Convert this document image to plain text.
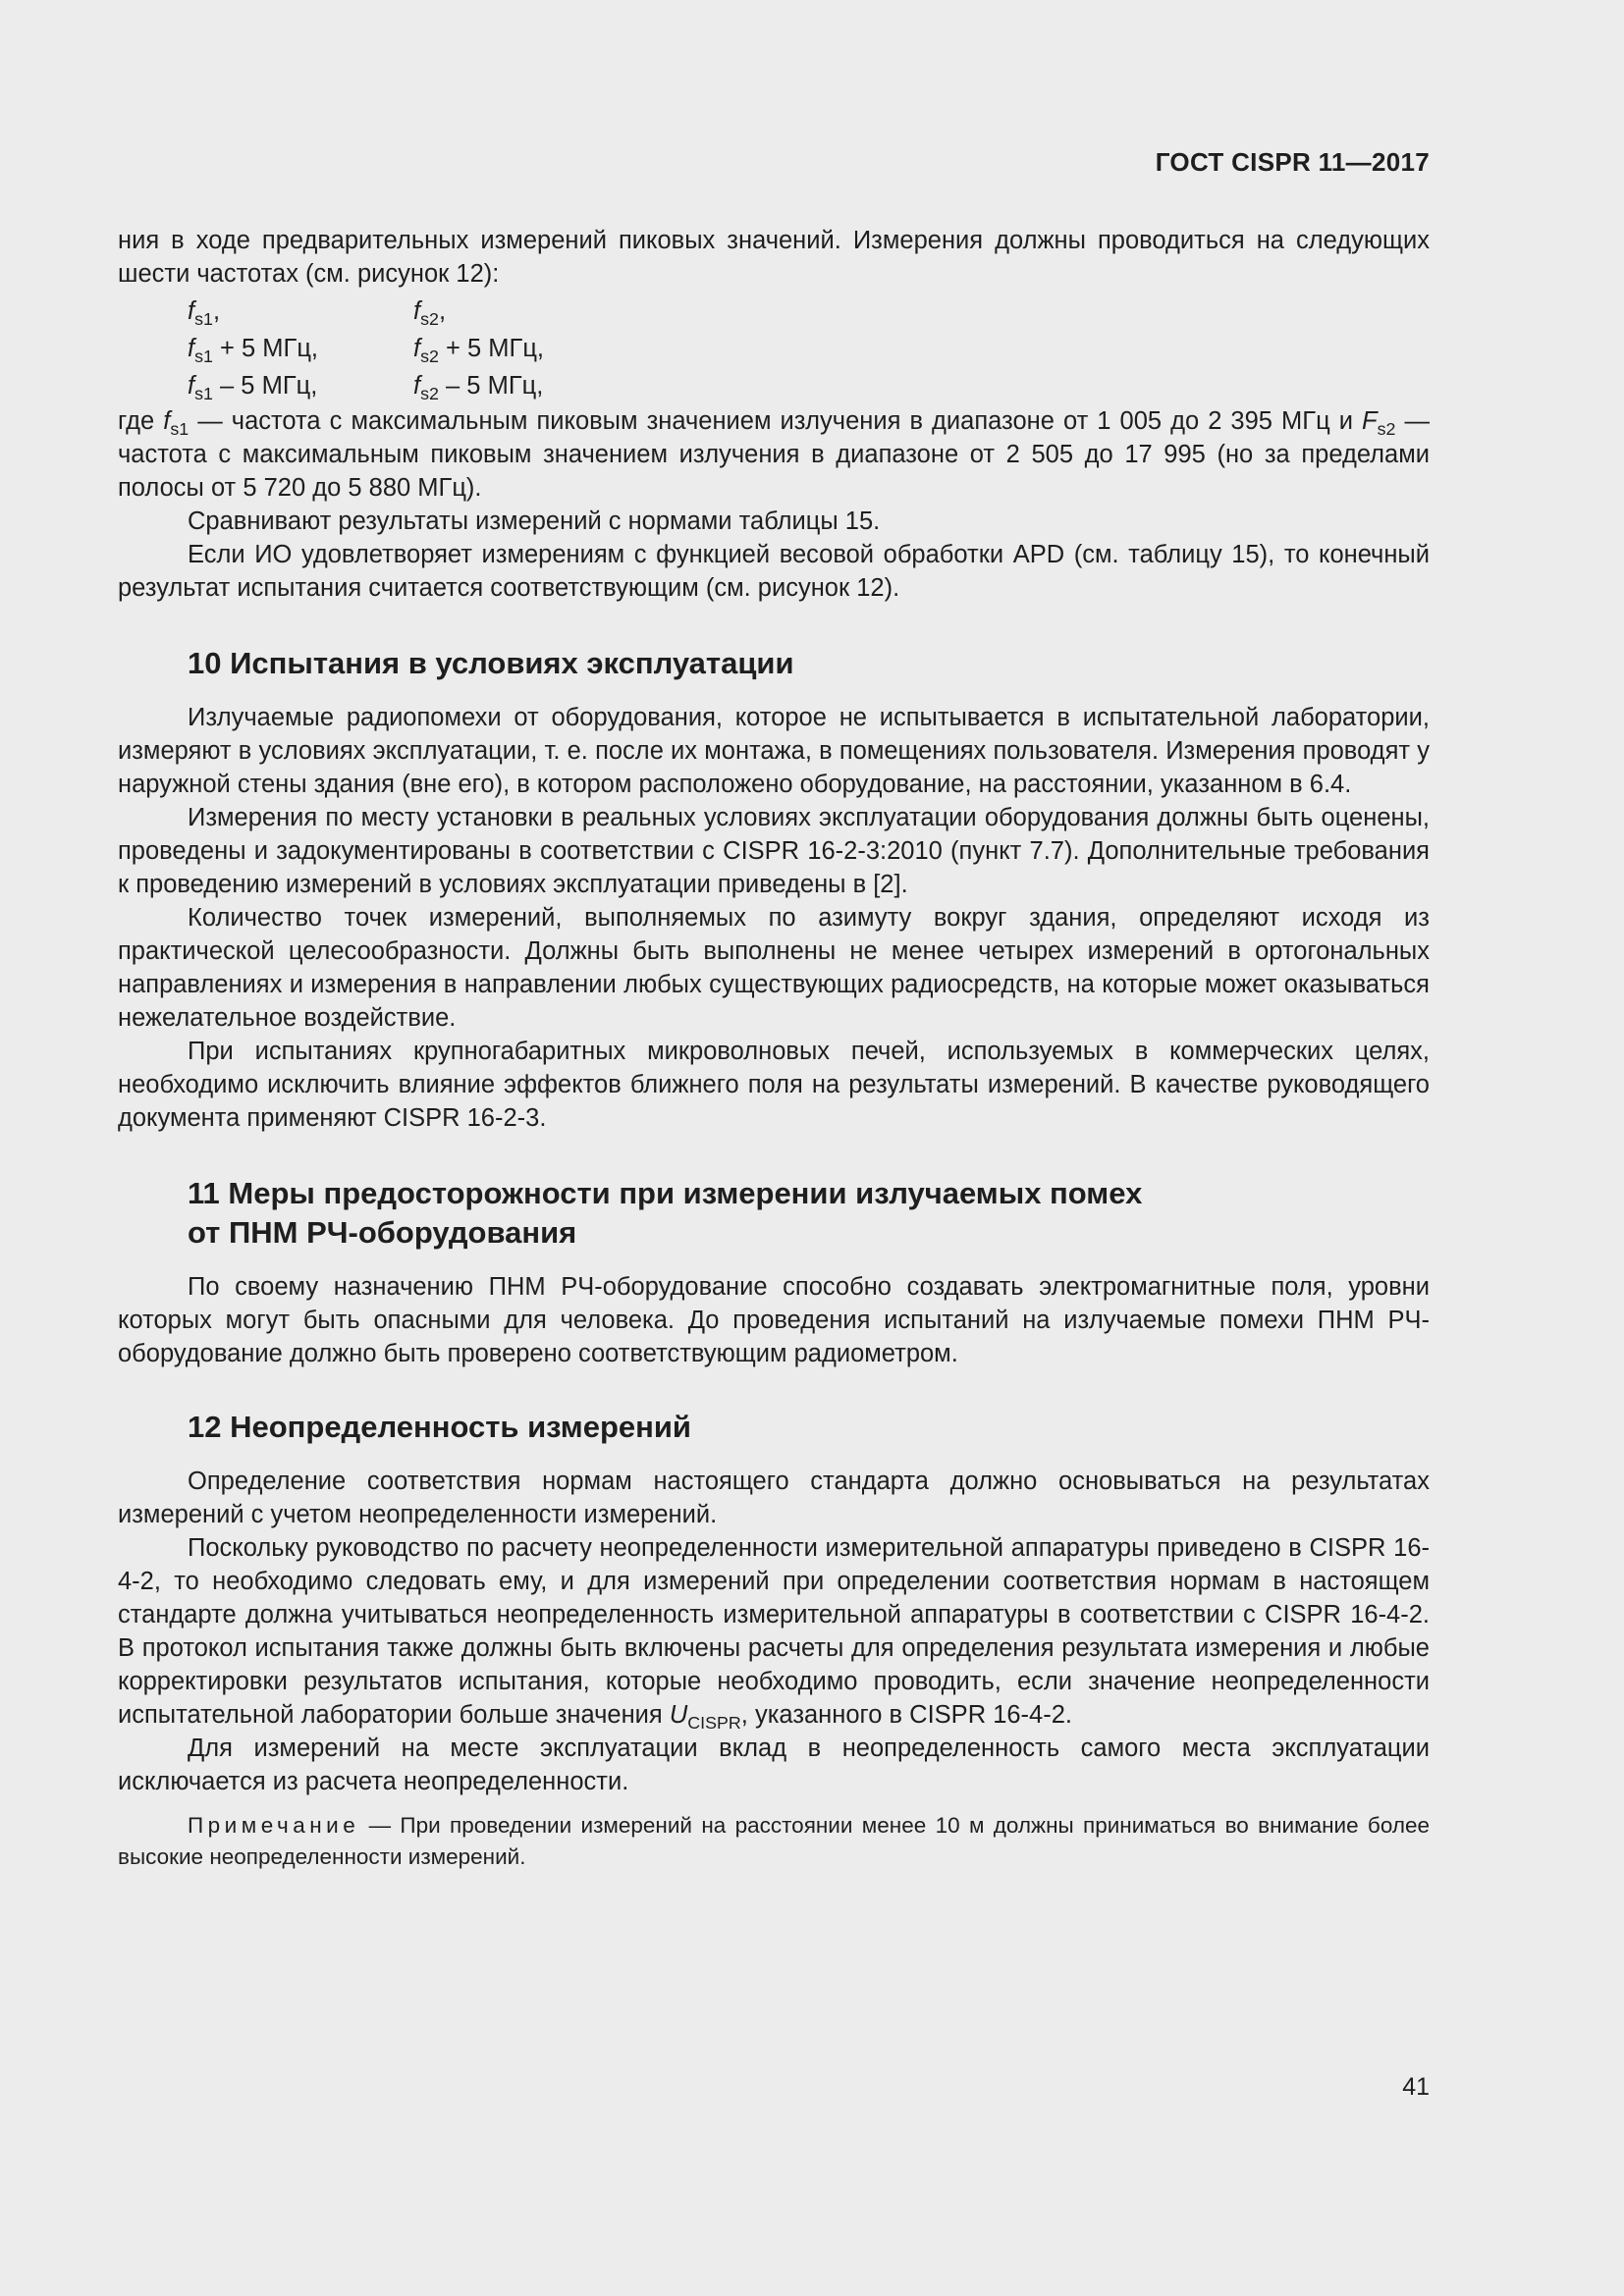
ГОСТ CISPR 11—2017

ния в ходе предварительных измерений пиковых значений. Измерения должны проводиться на следующих шести частотах (см. рисунок 12):

$f_{s1}$,	$f_{s2}$,
$f_{s1} + 5$ МГц,	$f_{s2} + 5$ МГц,
$f_{s1} - 5$ МГц,	$f_{s2} - 5$ МГц,

где $f_{s1}$ — частота с максимальным пиковым значением излучения в диапазоне от 1 005 до 2 395 МГц и $F_{s2}$ — частота с максимальным пиковым значением излучения в диапазоне от 2 505 до 17 995 (но за пределами полосы от 5 720 до 5 880 МГц).

Сравнивают результаты измерений с нормами таблицы 15.

Если ИО удовлетворяет измерениям с функцией весовой обработки APD (см. таблицу 15), то конечный результат испытания считается соответствующим (см. рисунок 12).

10 Испытания в условиях эксплуатации

Излучаемые радиопомехи от оборудования, которое не испытывается в испытательной лаборатории, измеряют в условиях эксплуатации, т. е. после их монтажа, в помещениях пользователя. Измерения проводят у наружной стены здания (вне его), в котором расположено оборудование, на расстоянии, указанном в 6.4.

Измерения по месту установки в реальных условиях эксплуатации оборудования должны быть оценены, проведены и задокументированы в соответствии с CISPR 16-2-3:2010 (пункт 7.7). Дополнительные требования к проведению измерений в условиях эксплуатации приведены в [2].

Количество точек измерений, выполняемых по азимуту вокруг здания, определяют исходя из практической целесообразности. Должны быть выполнены не менее четырех измерений в ортогональных направлениях и измерения в направлении любых существующих радиосредств, на которые может оказываться нежелательное воздействие.

При испытаниях крупногабаритных микроволновых печей, используемых в коммерческих целях, необходимо исключить влияние эффектов ближнего поля на результаты измерений. В качестве руководящего документа применяют CISPR 16-2-3.

11 Меры предосторожности при измерении излучаемых помех
от ПНМ РЧ-оборудования

По своему назначению ПНМ РЧ-оборудование способно создавать электромагнитные поля, уровни которых могут быть опасными для человека. До проведения испытаний на излучаемые помехи ПНМ РЧ-оборудование должно быть проверено соответствующим радиометром.

12 Неопределенность измерений

Определение соответствия нормам настоящего стандарта должно основываться на результатах измерений с учетом неопределенности измерений.

Поскольку руководство по расчету неопределенности измерительной аппаратуры приведено в CISPR 16-4-2, то необходимо следовать ему, и для измерений при определении соответствия нормам в настоящем стандарте должна учитываться неопределенность измерительной аппаратуры в соответствии с CISPR 16-4-2. В протокол испытания также должны быть включены расчеты для определения результата измерения и любые корректировки результатов испытания, которые необходимо проводить, если значение неопределенности испытательной лаборатории больше значения $U_{CISPR}$, указанного в CISPR 16-4-2.

Для измерений на месте эксплуатации вклад в неопределенность самого места эксплуатации исключается из расчета неопределенности.

Примечание — При проведении измерений на расстоянии менее 10 м должны приниматься во внимание более высокие неопределенности измерений.

41
